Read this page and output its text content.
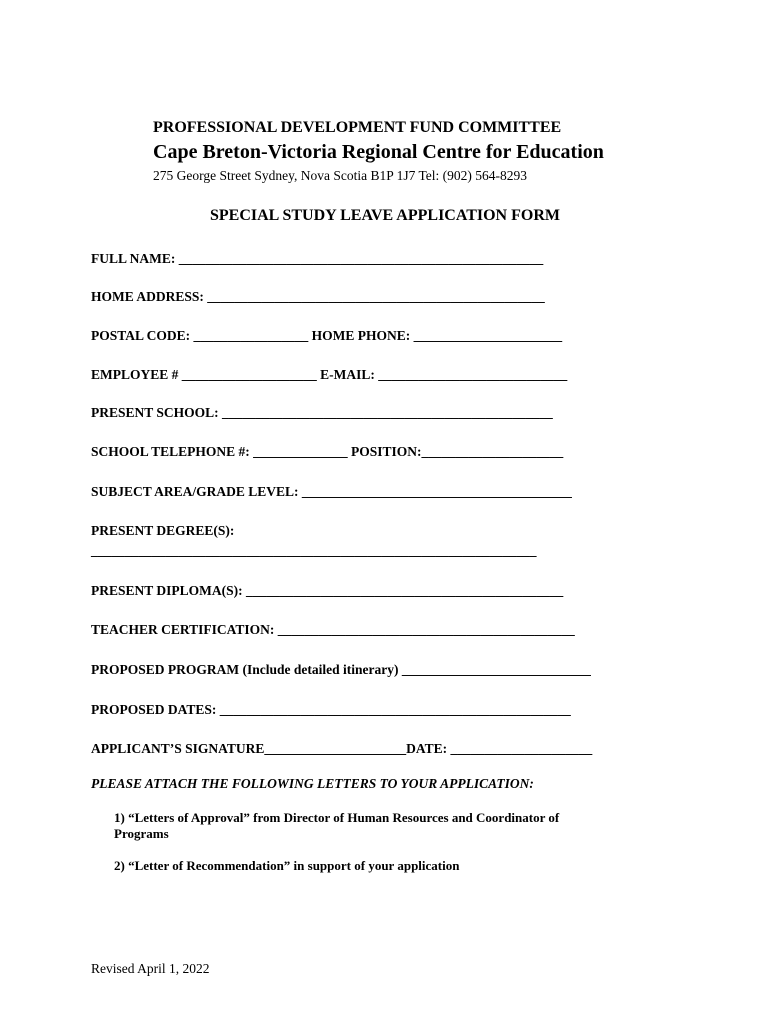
PROFESSIONAL DEVELOPMENT FUND COMMITTEE
Cape Breton-Victoria Regional Centre for Education
275 George Street Sydney, Nova Scotia B1P 1J7 Tel: (902) 564-8293
SPECIAL STUDY LEAVE APPLICATION FORM
FULL NAME: ______________________________________________________
HOME ADDRESS: __________________________________________________
POSTAL CODE: _________________ HOME PHONE: ______________________
EMPLOYEE # ____________________ E-MAIL: ____________________________
PRESENT SCHOOL: _________________________________________________
SCHOOL TELEPHONE #: ______________ POSITION:_____________________
SUBJECT AREA/GRADE LEVEL: ________________________________________
PRESENT DEGREE(S):
__________________________________________________________________
PRESENT DIPLOMA(S): _______________________________________________
TEACHER CERTIFICATION: ____________________________________________
PROPOSED PROGRAM (Include detailed itinerary) ____________________________
PROPOSED DATES: ____________________________________________________
APPLICANT’S SIGNATURE_____________________DATE: _____________________
PLEASE ATTACH THE FOLLOWING LETTERS TO YOUR APPLICATION:
1) “Letters of Approval” from Director of Human Resources and Coordinator of Programs
2) “Letter of Recommendation” in support of your application
Revised April 1, 2022
